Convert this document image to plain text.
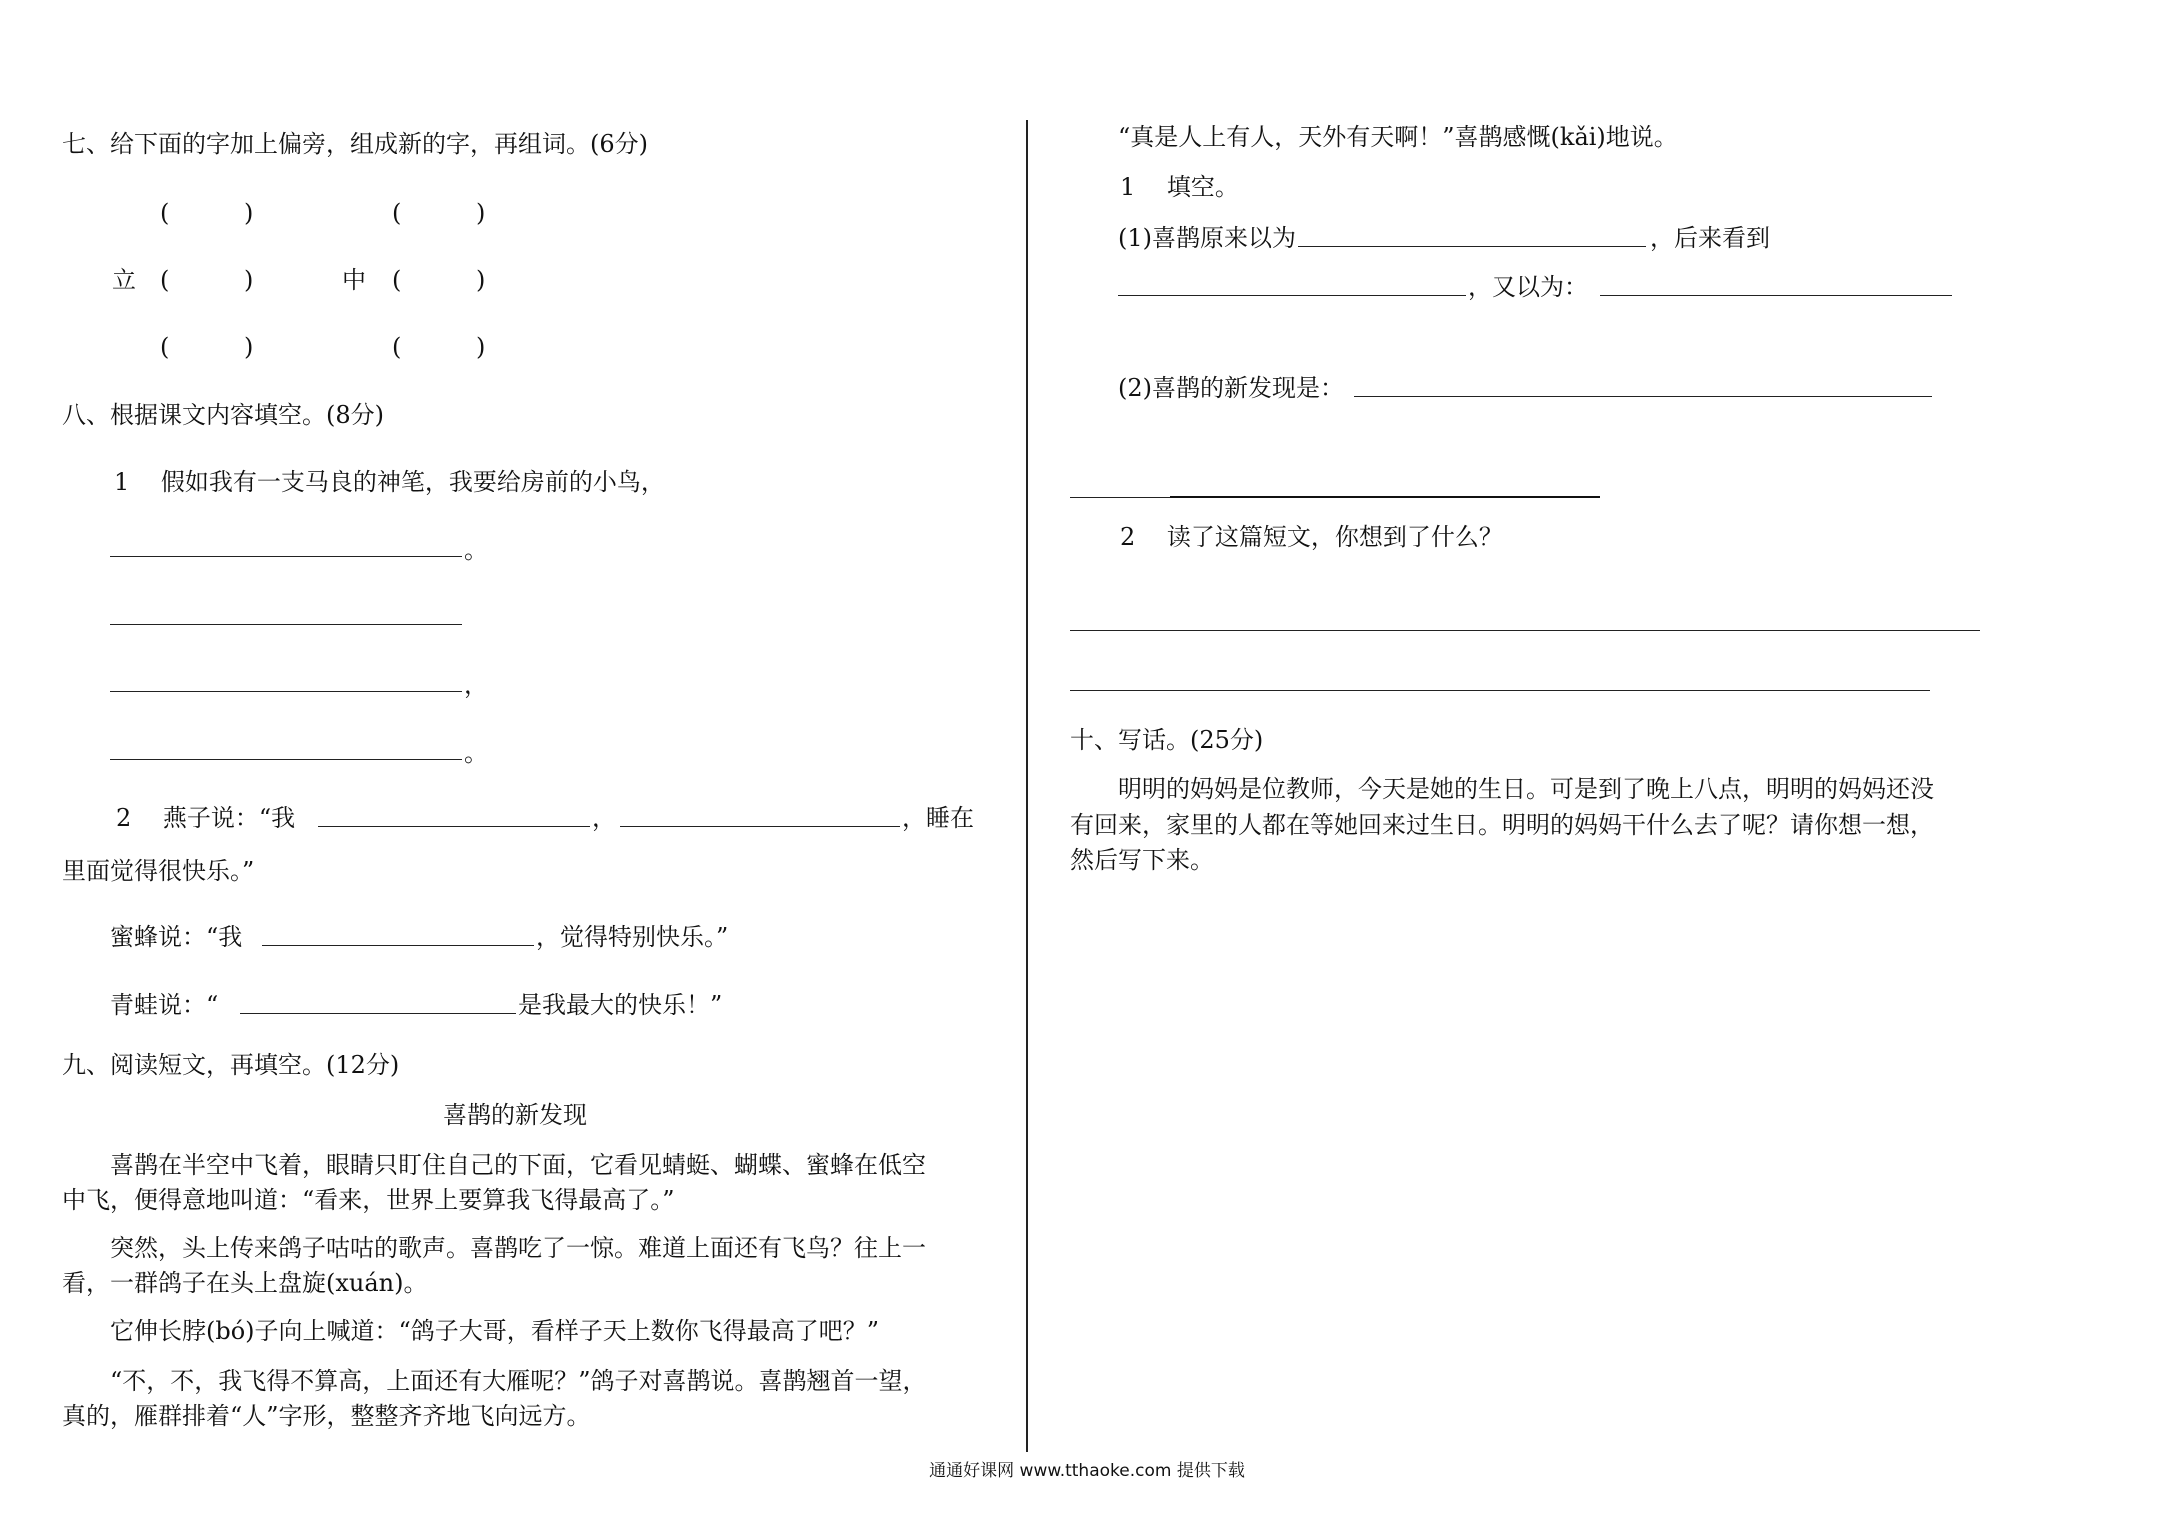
七、给下面的字加上偏旁，组成新的字，再组词。(6分)
(	)
立 (	)
(	)
(	)
中 (	)
(	)
八、根据课文内容填空。(8分)
1　 假如我有一支马良的神笔，我要给房前的小鸟，
。
，
。
2　 燕子说：“我	，	，睡在
里面觉得很快乐。”
蜜蜂说：“我	，觉得特别快乐。”
青蛙说：“	是我最大的快乐！”
九、阅读短文，再填空。(12分)
喜鹊的新发现
喜鹊在半空中飞着，眼睛只盯住自己的下面，它看见蜻蜓、蝴蝶、蜜蜂在低空
中飞，便得意地叫道：“看来，世界上要算我飞得最高了。”
突然，头上传来鸽子咕咕的歌声。喜鹊吃了一惊。难道上面还有飞鸟？往上一
看，一群鸽子在头上盘旋(xuán)。
它伸长脖(bó)子向上喊道：“鸽子大哥，看样子天上数你飞得最高了吧？”
“不，不，我飞得不算高，上面还有大雁呢？”鸽子对喜鹊说。喜鹊翘首一望，
真的，雁群排着“人”字形，整整齐齐地飞向远方。
“真是人上有人，天外有天啊！”喜鹊感慨(kǎi)地说。
1　 填空。
(1)喜鹊原来以为	，后来看到
，又以为：
(2)喜鹊的新发现是：
2　 读了这篇短文，你想到了什么？
十、写话。(25分)
明明的妈妈是位教师，今天是她的生日。可是到了晚上八点，明明的妈妈还没
有回来，家里的人都在等她回来过生日。明明的妈妈干什么去了呢？请你想一想，
然后写下来。
通通好课网 www.tthaoke.com 提供下载
